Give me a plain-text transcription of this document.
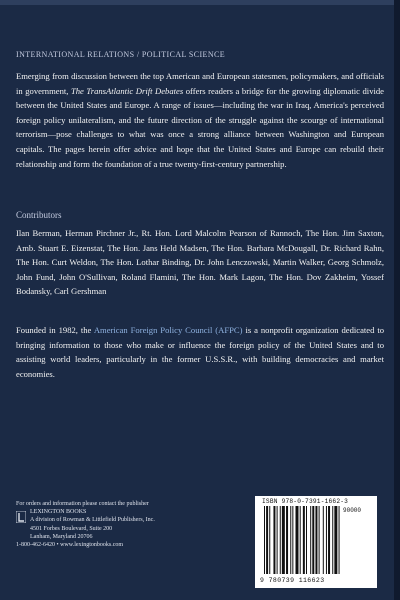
INTERNATIONAL RELATIONS / POLITICAL SCIENCE
Emerging from discussion between the top American and European statesmen, policymakers, and officials in government, The TransAtlantic Drift Debates offers readers a bridge for the growing diplomatic divide between the United States and Europe. A range of issues—including the war in Iraq, America's perceived foreign policy unilateralism, and the future direction of the struggle against the scourge of international terrorism—pose challenges to what was once a strong alliance between Washington and European capitals. The pages herein offer advice and hope that the United States and Europe can rebuild their relationship and form the foundation of a true twenty-first-century partnership.
Contributors
Ilan Berman, Herman Pirchner Jr., Rt. Hon. Lord Malcolm Pearson of Rannoch, The Hon. Jim Saxton, Amb. Stuart E. Eizenstat, The Hon. Jans Held Madsen, The Hon. Barbara McDougall, Dr. Richard Rahn, The Hon. Curt Weldon, The Hon. Lothar Binding, Dr. John Lenczowski, Martin Walker, Georg Schmolz, John Fund, John O'Sullivan, Roland Flamini, The Hon. Mark Lagon, The Hon. Dov Zakheim, Yossef Bodansky, Carl Gershman
Founded in 1982, the American Foreign Policy Council (AFPC) is a nonprofit organization dedicated to bringing information to those who make or influence the foreign policy of the United States and to assisting world leaders, particularly in the former U.S.S.R., with building democracies and market economies.
For orders and information please contact the publisher
LEXINGTON BOOKS
A division of Rowman & Littlefield Publishers, Inc.
4501 Forbes Boulevard, Suite 200
Lanham, Maryland 20706
1-800-462-6420 • www.lexingtonbooks.com
ISBN 978-0-7391-1662-3
90000
9 780739 116623
